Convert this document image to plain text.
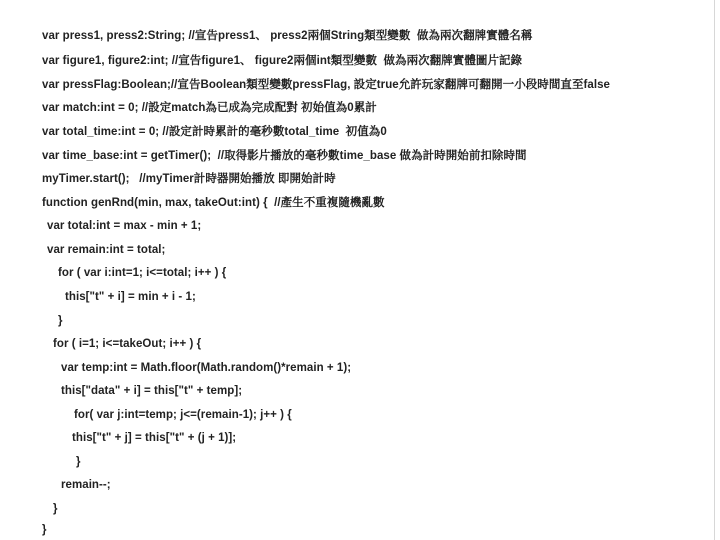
var press1, press2:String; //宣告press1、 press2兩個String類型變數  做為兩次翻牌實體名稱
var figure1, figure2:int; //宣告figure1、 figure2兩個int類型變數  做為兩次翻牌實體圖片記錄
var pressFlag:Boolean;//宣告Boolean類型變數pressFlag, 設定true允許玩家翻牌可翻開一小段時間直至false
var match:int = 0; //設定match為已成為完成配對 初始值為0累計
var total_time:int = 0; //設定計時累計的毫秒數total_time  初值為0
var time_base:int = getTimer();  //取得影片播放的毫秒數time_base 做為計時開始前扣除時間
myTimer.start();   //myTimer計時器開始播放 即開始計時
function genRnd(min, max, takeOut:int) {  //產生不重複隨機亂數
var total:int = max - min + 1;
var remain:int = total;
for ( var i:int=1; i<=total; i++ ) {
this["t" + i] = min + i - 1;
}
for ( i=1; i<=takeOut; i++ ) {
var temp:int = Math.floor(Math.random()*remain + 1);
this["data" + i] = this["t" + temp];
for( var j:int=temp; j<=(remain-1); j++ ) {
this["t" + j] = this["t" + (j + 1)];
}
remain--;
}
}
